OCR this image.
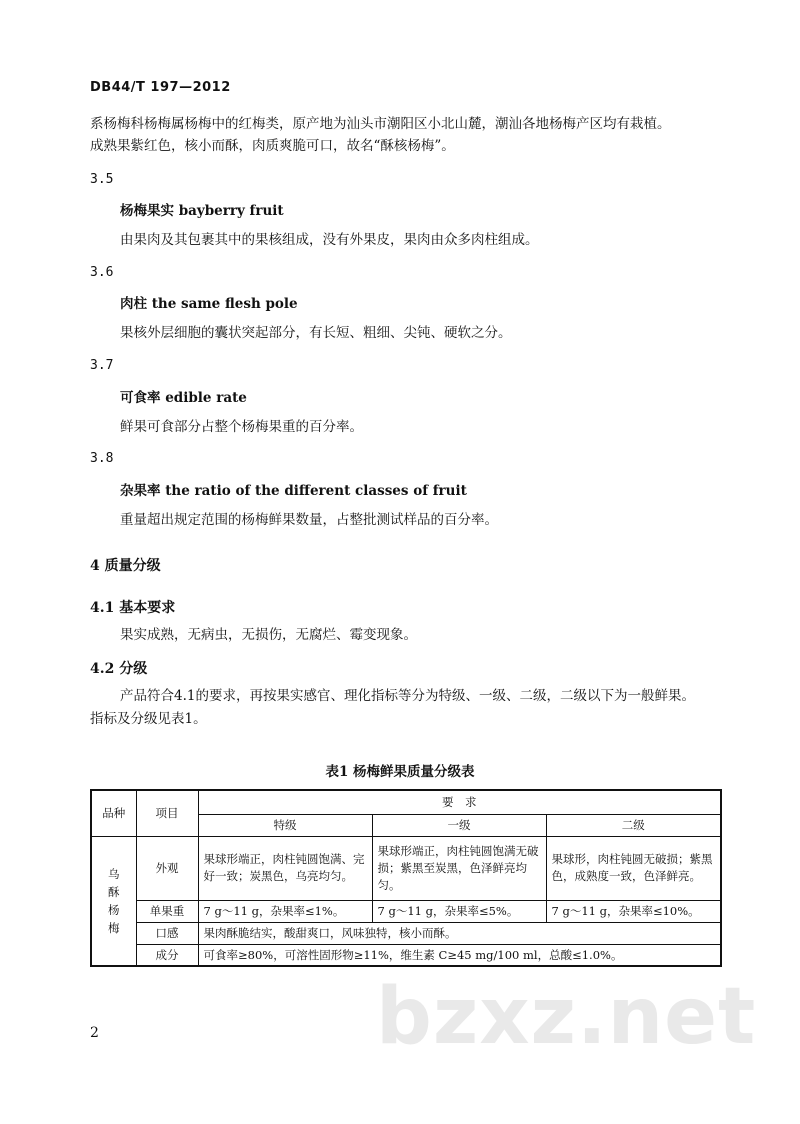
DB44/T 197—2012
系杨梅科杨梅属杨梅中的红梅类，原产地为汕头市潮阳区小北山麓，潮汕各地杨梅产区均有栽植。
成熟果紫红色，核小而酥，肉质爽脆可口，故名“酥核杨梅”。
3.5
杨梅果实 bayberry fruit
由果肉及其包裹其中的果核组成，没有外果皮，果肉由众多肉柱组成。
3.6
肉柱 the same flesh pole
果核外层细胞的囊状突起部分，有长短、粗细、尖钝、硬软之分。
3.7
可食率 edible rate
鲜果可食部分占整个杨梅果重的百分率。
3.8
杂果率 the ratio of the different classes of fruit
重量超出规定范围的杨梅鲜果数量，占整批测试样品的百分率。
4 质量分级
4.1 基本要求
果实成熟，无病虫，无损伤，无腐烂、霉变现象。
4.2 分级
产品符合4.1的要求，再按果实感官、理化指标等分为特级、一级、二级，二级以下为一般鲜果。
指标及分级见表1。
表1 杨梅鲜果质量分级表
品种	项目	要　求		
		特级	一级	二级

乌
酥
杨
梅	外观	果球形端正，肉柱钝圆饱满、完好一致；炭黑色，乌亮均匀。	果球形端正，肉柱钝圆饱满无破损；紫黑至炭黑，色泽鲜亮均匀。	果球形，肉柱钝圆无破损；紫黑色，成熟度一致，色泽鲜亮。
	单果重	7 g～11 g，杂果率≤1%。	7 g～11 g，杂果率≤5%。	7 g～11 g，杂果率≤10%。
	口感	果肉酥脆结实，酸甜爽口，风味独特，核小而酥。		
	成分	可食率≥80%，可溶性固形物≥11%，维生素 C≥45 mg/100 ml，总酸≤1.0%。		
bzxz.net
2
